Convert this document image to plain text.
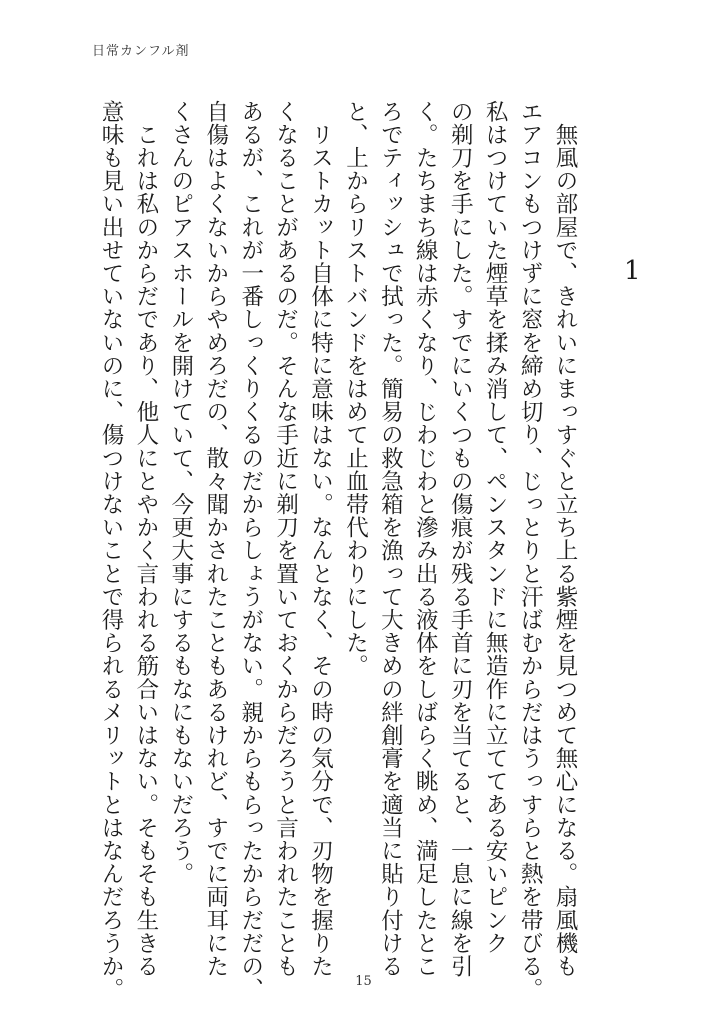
日常カンフル剤
1

　無風の部屋で、きれいにまっすぐと立ち上る紫煙を見つめて無心になる。扇風機も

エアコンもつけずに窓を締め切り、じっとりと汗ばむからだはうっすらと熱を帯びる。

私はつけていた煙草を揉み消して、ペンスタンドに無造作に立ててある安いピンク

の剃刀を手にした。すでにいくつもの傷痕が残る手首に刃を当てると、一息に線を引

く。たちまち線は赤くなり、じわじわと滲み出る液体をしばらく眺め、満足したとこ

ろでティッシュで拭った。簡易の救急箱を漁って大きめの絆創膏を適当に貼り付ける

と、上からリストバンドをはめて止血帯代わりにした。

　リストカット自体に特に意味はない。なんとなく、その時の気分で、刃物を握りた

くなることがあるのだ。そんな手近に剃刀を置いておくからだろうと言われたことも

あるが、これが一番しっくりくるのだからしょうがない。親からもらったからだだの、

自傷はよくないからやめろだの、散々聞かされたこともあるけれど、すでに両耳にた

くさんのピアスホールを開けていて、今更大事にするもなにもないだろう。

　これは私のからだであり、他人にとやかく言われる筋合いはない。そもそも生きる

意味も見い出せていないのに、傷つけないことで得られるメリットとはなんだろうか。	15
